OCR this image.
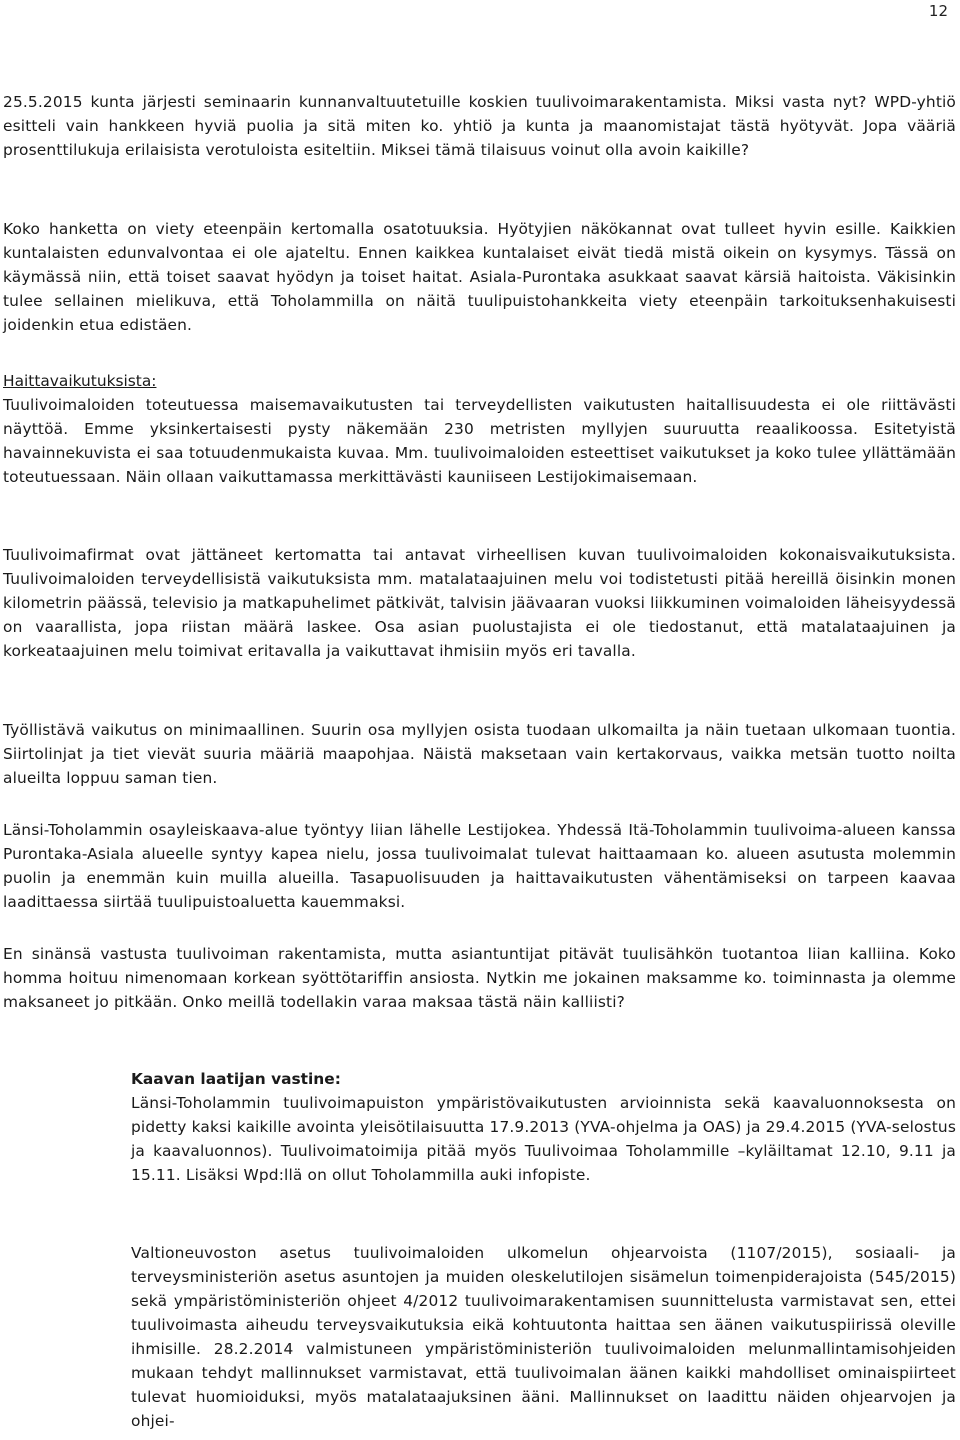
12

25.5.2015 kunta järjesti seminaarin kunnanvaltuutetuille koskien tuulivoimarakentamista. Miksi vasta nyt? WPD-yhtiö esitteli vain hankkeen hyviä puolia ja sitä miten ko. yhtiö ja kunta ja maanomistajat tästä hyötyvät. Jopa vääriä prosenttilukuja erilaisista verotuloista esiteltiin. Miksei tämä tilaisuus voinut olla avoin kaikille?

Koko hanketta on viety eteenpäin kertomalla osatotuuksia. Hyötyjien näkökannat ovat tulleet hyvin esille. Kaikkien kuntalaisten edunvalvontaa ei ole ajateltu. Ennen kaikkea kuntalaiset eivät tiedä mistä oikein on kysymys. Tässä on käymässä niin, että toiset saavat hyödyn ja toiset haitat. Asiala-Purontaka asukkaat saavat kärsiä haitoista. Väkisinkin tulee sellainen mielikuva, että Toholammilla on näitä tuulipuistohankkeita viety eteenpäin tarkoituksenhakuisesti joidenkin etua edistäen.

Haittavaikutuksista:

Tuulivoimaloiden toteutuessa maisemavaikutusten tai terveydellisten vaikutusten haitallisuudesta ei ole riittävästi näyttöä. Emme yksinkertaisesti pysty näkemään 230 metristen myllyjen suuruutta reaalikoossa. Esitetyistä havainnekuvista ei saa totuudenmukaista kuvaa. Mm. tuulivoimaloiden esteettiset vaikutukset ja koko tulee yllättämään toteutuessaan. Näin ollaan vaikuttamassa merkittävästi kauniiseen Lestijokimaisemaan.

Tuulivoimafirmat ovat jättäneet kertomatta tai antavat virheellisen kuvan tuulivoimaloiden kokonaisvaikutuksista. Tuulivoimaloiden terveydellisistä vaikutuksista mm. matalataajuinen melu voi todistetusti pitää hereillä öisinkin monen kilometrin päässä, televisio ja matkapuhelimet pätkivät, talvisin jäävaaran vuoksi liikkuminen voimaloiden läheisyydessä on vaarallista, jopa riistan määrä laskee. Osa asian puolustajista ei ole tiedostanut, että matalataajuinen ja korkeataajuinen melu toimivat eritavalla ja vaikuttavat ihmisiin myös eri tavalla.

Työllistävä vaikutus on minimaallinen. Suurin osa myllyjen osista tuodaan ulkomailta ja näin tuetaan ulkomaan tuontia. Siirtolinjat ja tiet vievät suuria määriä maapohjaa. Näistä maksetaan vain kertakorvaus, vaikka metsän tuotto noilta alueilta loppuu saman tien.

Länsi-Toholammin osayleiskaava-alue työntyy liian lähelle Lestijokea. Yhdessä Itä-Toholammin tuulivoima-alueen kanssa Purontaka-Asiala alueelle syntyy kapea nielu, jossa tuulivoimalat tulevat haittaamaan ko. alueen asutusta molemmin puolin ja enemmän kuin muilla alueilla. Tasapuolisuuden ja haittavaikutusten vähentämiseksi on tarpeen kaavaa laadittaessa siirtää tuulipuistoaluetta kauemmaksi.

En sinänsä vastusta tuulivoiman rakentamista, mutta asiantuntijat pitävät tuulisähkön tuotantoa liian kalliina. Koko homma hoituu nimenomaan korkean syöttötariffin ansiosta. Nytkin me jokainen maksamme ko. toiminnasta ja olemme maksaneet jo pitkään. Onko meillä todellakin varaa maksaa tästä näin kalliisti?

Kaavan laatijan vastine:

Länsi-Toholammin tuulivoimapuiston ympäristövaikutusten arvioinnista sekä kaavaluonnoksesta on pidetty kaksi kaikille avointa yleisötilaisuutta 17.9.2013 (YVA-ohjelma ja OAS) ja 29.4.2015 (YVA-selostus ja kaavaluonnos). Tuulivoimatoimija pitää myös Tuulivoimaa Toholammille –kyläiltamat 12.10, 9.11 ja 15.11. Lisäksi Wpd:llä on ollut Toholammilla auki infopiste.

Valtioneuvoston asetus tuulivoimaloiden ulkomelun ohjearvoista (1107/2015), sosiaali- ja terveysministeriön asetus asuntojen ja muiden oleskelutilojen sisämelun toimenpiderajoista (545/2015) sekä ympäristöministeriön ohjeet 4/2012 tuulivoimarakentamisen suunnittelusta varmistavat sen, ettei tuulivoimasta aiheudu terveysvaikutuksia eikä kohtuutonta haittaa sen äänen vaikutuspiirissä oleville ihmisille. 28.2.2014 valmistuneen ympäristöministeriön tuulivoimaloiden melunmallintamisohjeiden mukaan tehdyt mallinnukset varmistavat, että tuulivoimalan äänen kaikki mahdolliset ominaispiirteet tulevat huomioiduksi, myös matalataajuksinen ääni. Mallinnukset on laadittu näiden ohjearvojen ja ohjei-
